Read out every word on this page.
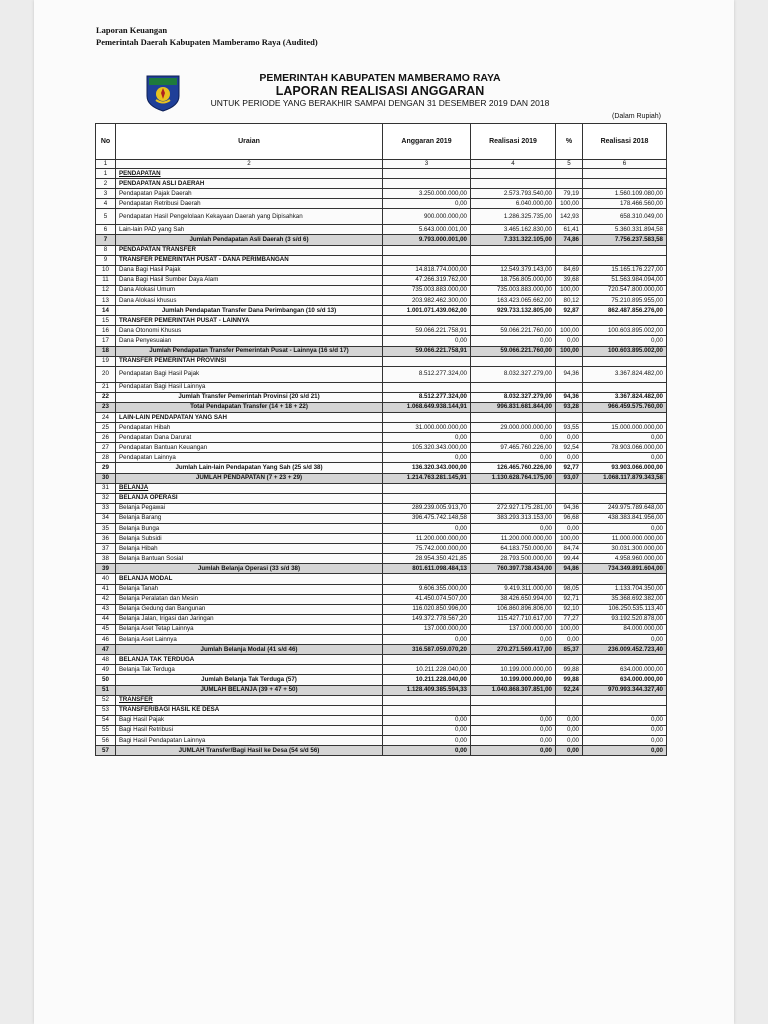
Laporan Keuangan
Pemerintah Daerah Kabupaten Mamberamo Raya (Audited)
PEMERINTAH KABUPATEN MAMBERAMO RAYA
LAPORAN REALISASI ANGGARAN
UNTUK PERIODE YANG BERAKHIR SAMPAI DENGAN 31 DESEMBER 2019 DAN 2018
(Dalam Rupiah)
No	Uraian	Anggaran 2019	Realisasi 2019	%	Realisasi 2018
1	2	3	4	5	6
1	PENDAPATAN				
2	PENDAPATAN ASLI DAERAH				
3	Pendapatan Pajak Daerah	3.250.000.000,00	2.573.793.540,00	79,19	1.560.109.080,00
4	Pendapatan Retribusi Daerah	0,00	6.040.000,00	100,00	178.466.560,00
5	Pendapatan Hasil Pengelolaan Kekayaan Daerah yang Dipisahkan	900.000.000,00	1.286.325.735,00	142,93	658.310.049,00
6	Lain-lain PAD yang Sah	5.643.000.001,00	3.465.162.830,00	61,41	5.360.331.894,58
7	Jumlah Pendapatan Asli Daerah (3 s/d 6)	9.793.000.001,00	7.331.322.105,00	74,86	7.756.237.583,58
8	PENDAPATAN TRANSFER				
9	TRANSFER PEMERINTAH PUSAT - DANA PERIMBANGAN				
10	Dana Bagi Hasil Pajak	14.818.774.000,00	12.549.379.143,00	84,69	15.165.176.227,00
11	Dana Bagi Hasil Sumber Daya Alam	47.266.319.762,00	18.756.805.000,00	39,68	51.563.984.094,00
12	Dana Alokasi Umum	735.003.883.000,00	735.003.883.000,00	100,00	720.547.800.000,00
13	Dana Alokasi khusus	203.982.462.300,00	163.423.065.662,00	80,12	75.210.895.955,00
14	Jumlah Pendapatan Transfer Dana Perimbangan (10 s/d 13)	1.001.071.439.062,00	929.733.132.805,00	92,87	862.487.856.276,00
15	TRANSFER PEMERINTAH PUSAT - LAINNYA				
16	Dana Otonomi Khusus	59.066.221.758,91	59.066.221.760,00	100,00	100.603.895.002,00
17	Dana Penyesuaian	0,00	0,00	0,00	0,00
18	Jumlah Pendapatan Transfer Pemerintah Pusat - Lainnya (16 s/d 17)	59.066.221.758,91	59.066.221.760,00	100,00	100.603.895.002,00
19	TRANSFER PEMERINTAH PROVINSI				
20	Pendapatan Bagi Hasil Pajak	8.512.277.324,00	8.032.327.279,00	94,36	3.367.824.482,00
21	Pendapatan Bagi Hasil Lainnya				
22	Jumlah Transfer Pemerintah Provinsi (20 s/d 21)	8.512.277.324,00	8.032.327.279,00	94,36	3.367.824.482,00
23	Total Pendapatan Transfer (14 + 18 + 22)	1.068.649.938.144,91	996.831.681.844,00	93,28	966.459.575.760,00
24	LAIN-LAIN PENDAPATAN YANG SAH				
25	Pendapatan Hibah	31.000.000.000,00	29.000.000.000,00	93,55	15.000.000.000,00
26	Pendapatan Dana Darurat	0,00	0,00	0,00	0,00
27	Pendapatan Bantuan Keuangan	105.320.343.000,00	97.465.760.226,00	92,54	78.903.066.000,00
28	Pendapatan Lainnya	0,00	0,00	0,00	0,00
29	Jumlah Lain-lain Pendapatan Yang Sah (25 s/d 38)	136.320.343.000,00	126.465.760.226,00	92,77	93.903.066.000,00
30	JUMLAH PENDAPATAN (7 + 23 + 29)	1.214.763.281.145,91	1.130.628.764.175,00	93,07	1.068.117.879.343,58
31	BELANJA				
32	BELANJA OPERASI				
33	Belanja Pegawai	289.239.005.913,70	272.927.175.281,00	94,36	249.975.789.648,00
34	Belanja Barang	396.475.742.148,58	383.293.313.153,00	96,68	438.383.841.956,00
35	Belanja Bunga	0,00	0,00	0,00	0,00
36	Belanja Subsidi	11.200.000.000,00	11.200.000.000,00	100,00	11.000.000.000,00
37	Belanja Hibah	75.742.000.000,00	64.183.750.000,00	84,74	30.031.300.000,00
38	Belanja Bantuan Sosial	28.954.350.421,85	28.793.500.000,00	99,44	4.958.960.000,00
39	Jumlah Belanja Operasi (33 s/d 38)	801.611.098.484,13	760.397.738.434,00	94,86	734.349.891.604,00
40	BELANJA MODAL				
41	Belanja Tanah	9.606.355.000,00	9.419.311.000,00	98,05	1.133.704.350,00
42	Belanja Peralatan dan Mesin	41.450.074.507,00	38.426.650.994,00	92,71	35.368.692.382,00
43	Belanja Gedung dan Bangunan	116.020.850.996,00	106.860.896.806,00	92,10	106.250.535.113,40
44	Belanja Jalan, Irigasi dan Jaringan	149.372.778.567,20	115.427.710.617,00	77,27	93.192.520.878,00
45	Belanja Aset Tetap Lainnya	137.000.000,00	137.000.000,00	100,00	84.000.000,00
46	Belanja Aset Lainnya	0,00	0,00	0,00	0,00
47	Jumlah Belanja Modal (41 s/d 46)	316.587.059.070,20	270.271.569.417,00	85,37	236.009.452.723,40
48	BELANJA TAK TERDUGA				
49	Belanja Tak Terduga	10.211.228.040,00	10.199.000.000,00	99,88	634.000.000,00
50	Jumlah Belanja Tak Terduga (57)	10.211.228.040,00	10.199.000.000,00	99,88	634.000.000,00
51	JUMLAH BELANJA (39 + 47 + 50)	1.128.409.385.594,33	1.040.868.307.851,00	92,24	970.993.344.327,40
52	TRANSFER				
53	TRANSFER/BAGI HASIL KE DESA				
54	Bagi Hasil Pajak	0,00	0,00	0,00	0,00
55	Bagi Hasil Retribusi	0,00	0,00	0,00	0,00
56	Bagi Hasil Pendapatan Lainnya	0,00	0,00	0,00	0,00
57	JUMLAH Transfer/Bagi Hasil ke Desa (54 s/d 56)	0,00	0,00	0,00	0,00
